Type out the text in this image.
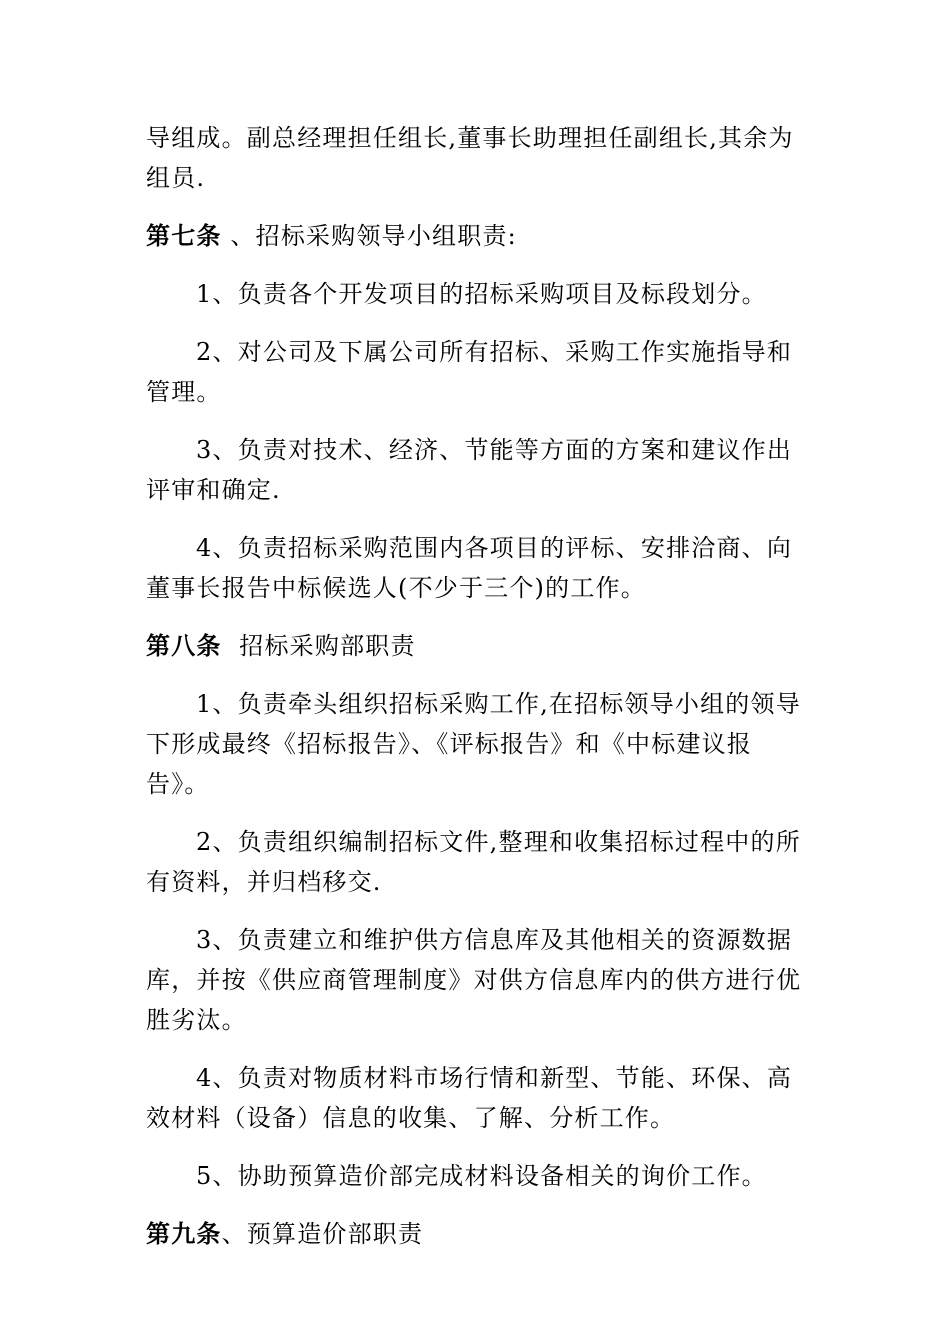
导组成。副总经理担任组长,董事长助理担任副组长,其余为组员.

第七条 、招标采购领导小组职责:

1、负责各个开发项目的招标采购项目及标段划分。

2、对公司及下属公司所有招标、采购工作实施指导和管理。

3、负责对技术、经济、节能等方面的方案和建议作出评审和确定.

4、负责招标采购范围内各项目的评标、安排洽商、向董事长报告中标候选人(不少于三个)的工作。

第八条  招标采购部职责

1、负责牵头组织招标采购工作,在招标领导小组的领导下形成最终《招标报告》、《评标报告》和《中标建议报告》。

2、负责组织编制招标文件,整理和收集招标过程中的所有资料，并归档移交.

3、负责建立和维护供方信息库及其他相关的资源数据库，并按《供应商管理制度》对供方信息库内的供方进行优胜劣汰。

4、负责对物质材料市场行情和新型、节能、环保、高效材料（设备）信息的收集、了解、分析工作。

5、协助预算造价部完成材料设备相关的询价工作。

第九条、预算造价部职责
